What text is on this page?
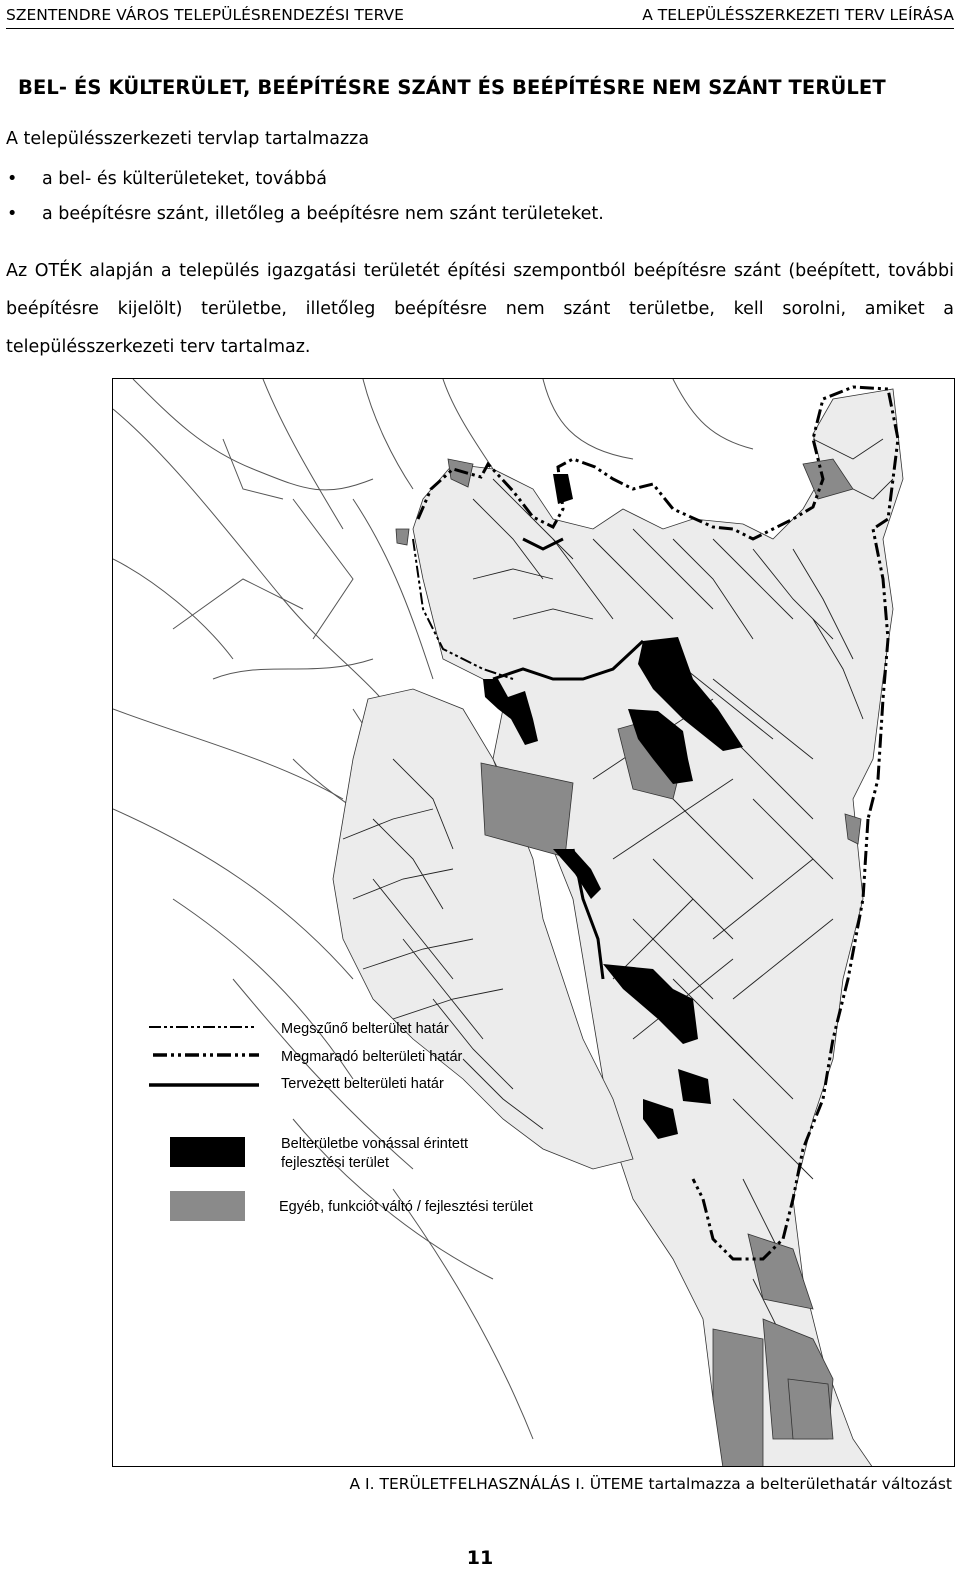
SZENTENDRE VÁROS TELEPÜLÉSRENDEZÉSI TERVE	A TELEPÜLÉSSZERKEZETI TERV LEÍRÁSA
BEL- ÉS KÜLTERÜLET, BEÉPÍTÉSRE SZÁNT ÉS BEÉPÍTÉSRE NEM SZÁNT TERÜLET
A településszerkezeti tervlap tartalmazza
• a bel- és külterületeket, továbbá
• a beépítésre szánt, illetőleg a beépítésre nem szánt területeket.
Az OTÉK alapján a település igazgatási területét építési szempontból beépítésre szánt (beépített, további beépítésre kijelölt) területbe, illetőleg beépítésre nem szánt területbe, kell sorolni, amiket a településszerkezeti terv tartalmaz.
Megszűnő belterület határ
Megmaradó belterületi határ
Tervezett belterületi határ
Belterületbe vonással érintett
fejlesztési terület
Egyéb, funkciót váltó / fejlesztési terület
A I. TERÜLETFELHASZNÁLÁS I. ÜTEME tartalmazza a belterülethatár változást
11
